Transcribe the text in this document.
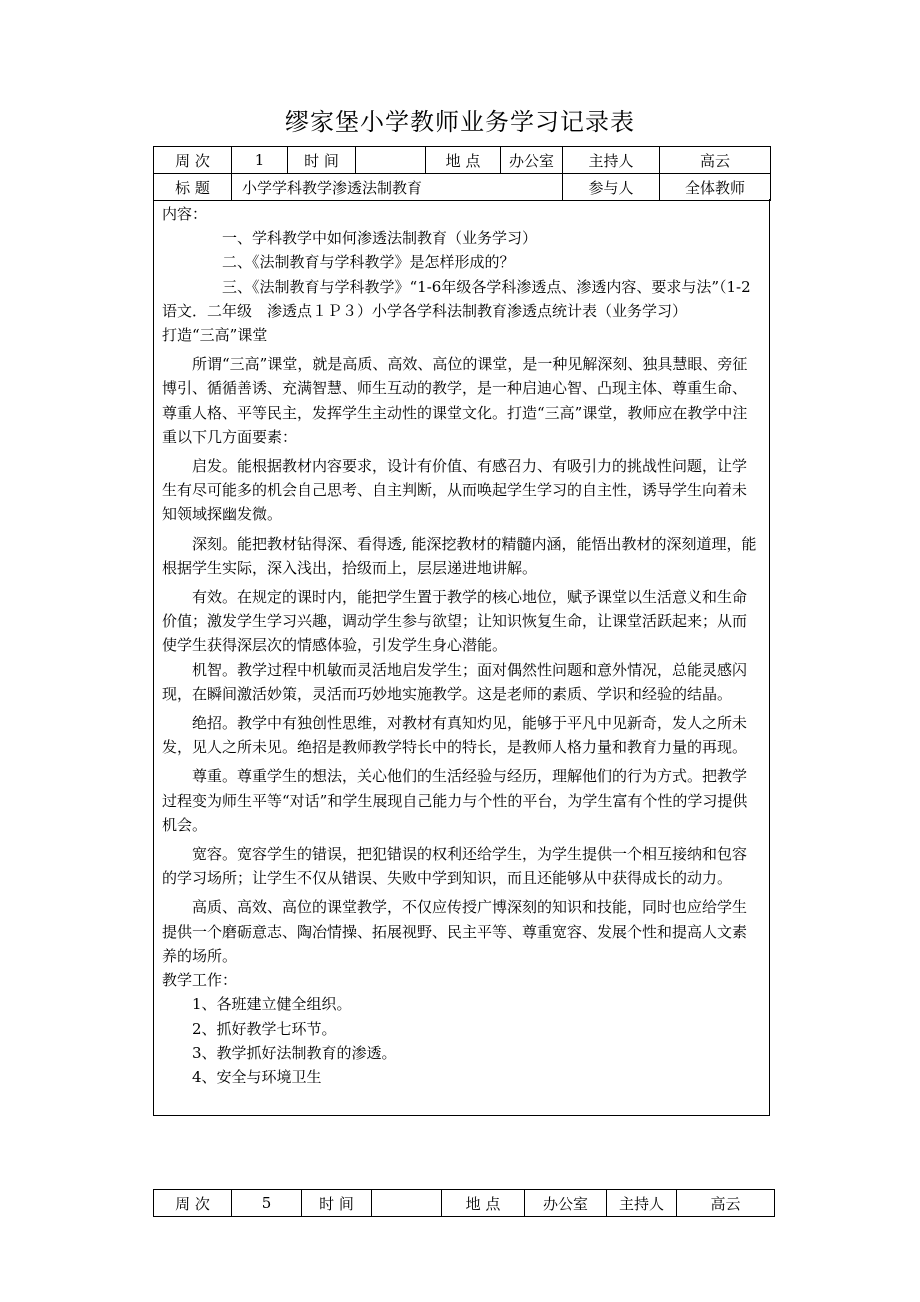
缪家堡小学教师业务学习记录表
周 次	1	时 间		地 点	办公室	主持人	高云
标 题	小学学科教学渗透法制教育					参与人	全体教师

内容：

一、学科教学中如何渗透法制教育（业务学习）

二、《法制教育与学科教学》是怎样形成的？

三、《法制教育与学科教学》“1-6年级各学科渗透点、渗透内容、要求与法”（1-2语文．二年级　渗透点１Ｐ３）小学各学科法制教育渗透点统计表（业务学习）

打造“三高”课堂

所谓“三高”课堂，就是高质、高效、高位的课堂，是一种见解深刻、独具慧眼、旁征博引、循循善诱、充满智慧、师生互动的教学，是一种启迪心智、凸现主体、尊重生命、尊重人格、平等民主，发挥学生主动性的课堂文化。打造“三高”课堂，教师应在教学中注重以下几方面要素：

启发。能根据教材内容要求，设计有价值、有感召力、有吸引力的挑战性问题，让学生有尽可能多的机会自己思考、自主判断，从而唤起学生学习的自主性，诱导学生向着未知领域探幽发微。

深刻。能把教材钻得深、看得透, 能深挖教材的精髓内涵，能悟出教材的深刻道理，能根据学生实际，深入浅出，拾级而上，层层递进地讲解。

有效。在规定的课时内，能把学生置于教学的核心地位，赋予课堂以生活意义和生命价值；激发学生学习兴趣，调动学生参与欲望；让知识恢复生命，让课堂活跃起来；从而使学生获得深层次的情感体验，引发学生身心潜能。

机智。教学过程中机敏而灵活地启发学生；面对偶然性问题和意外情况，总能灵感闪现，在瞬间激活妙策，灵活而巧妙地实施教学。这是老师的素质、学识和经验的结晶。

绝招。教学中有独创性思维，对教材有真知灼见，能够于平凡中见新奇，发人之所未发，见人之所未见。绝招是教师教学特长中的特长，是教师人格力量和教育力量的再现。

尊重。尊重学生的想法，关心他们的生活经验与经历，理解他们的行为方式。把教学过程变为师生平等“对话”和学生展现自己能力与个性的平台，为学生富有个性的学习提供机会。

宽容。宽容学生的错误，把犯错误的权利还给学生，为学生提供一个相互接纳和包容的学习场所；让学生不仅从错误、失败中学到知识，而且还能够从中获得成长的动力。

高质、高效、高位的课堂教学，不仅应传授广博深刻的知识和技能，同时也应给学生提供一个磨砺意志、陶冶情操、拓展视野、民主平等、尊重宽容、发展个性和提高人文素养的场所。

教学工作：

1、各班建立健全组织。

2、抓好教学七环节。

3、教学抓好法制教育的渗透。

4、安全与环境卫生

周 次	5	时 间		地 点	办公室	主持人	高云
